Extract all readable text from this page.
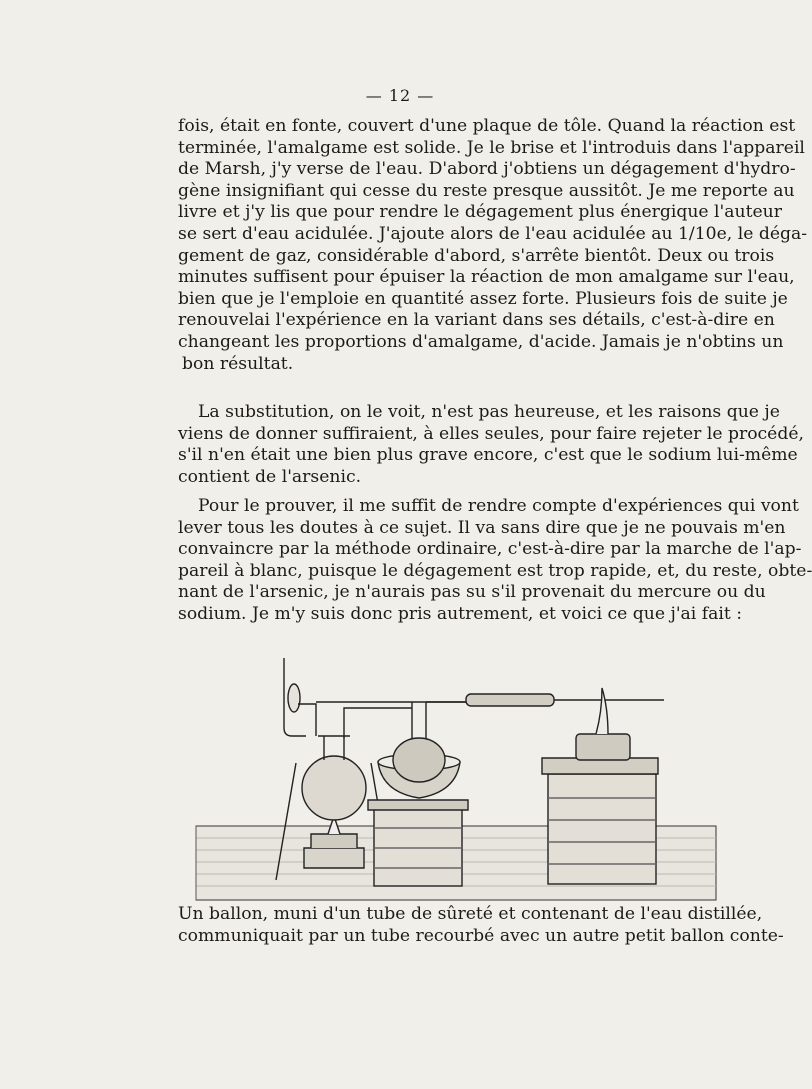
— 12 —
fois, était en fonte, couvert d'une plaque de tôle. Quand la réaction est
terminée, l'amalgame est solide. Je le brise et l'introduis dans l'appareil
de Marsh, j'y verse de l'eau. D'abord j'obtiens un dégagement d'hydro-
gène insignifiant qui cesse du reste presque aussitôt. Je me reporte au
livre et j'y lis que pour rendre le dégagement plus énergique l'auteur
se sert d'eau acidulée. J'ajoute alors de l'eau acidulée au 1/10e, le déga-
gement de gaz, considérable d'abord, s'arrête bientôt. Deux ou trois
minutes suffisent pour épuiser la réaction de mon amalgame sur l'eau,
bien que je l'emploie en quantité assez forte. Plusieurs fois de suite je
renouvelai l'expérience en la variant dans ses détails, c'est-à-dire en
changeant les proportions d'amalgame, d'acide. Jamais je n'obtins un
bon résultat.
La substitution, on le voit, n'est pas heureuse, et les raisons que je
viens de donner suffiraient, à elles seules, pour faire rejeter le procédé,
s'il n'en était une bien plus grave encore, c'est que le sodium lui-même
contient de l'arsenic.
Pour le prouver, il me suffit de rendre compte d'expériences qui vont
lever tous les doutes à ce sujet. Il va sans dire que je ne pouvais m'en
convaincre par la méthode ordinaire, c'est-à-dire par la marche de l'ap-
pareil à blanc, puisque le dégagement est trop rapide, et, du reste, obte-
nant de l'arsenic, je n'aurais pas su s'il provenait du mercure ou du
sodium. Je m'y suis donc pris autrement, et voici ce que j'ai fait :
Un ballon, muni d'un tube de sûreté et contenant de l'eau distillée,
communiquait par un tube recourbé avec un autre petit ballon conte-
